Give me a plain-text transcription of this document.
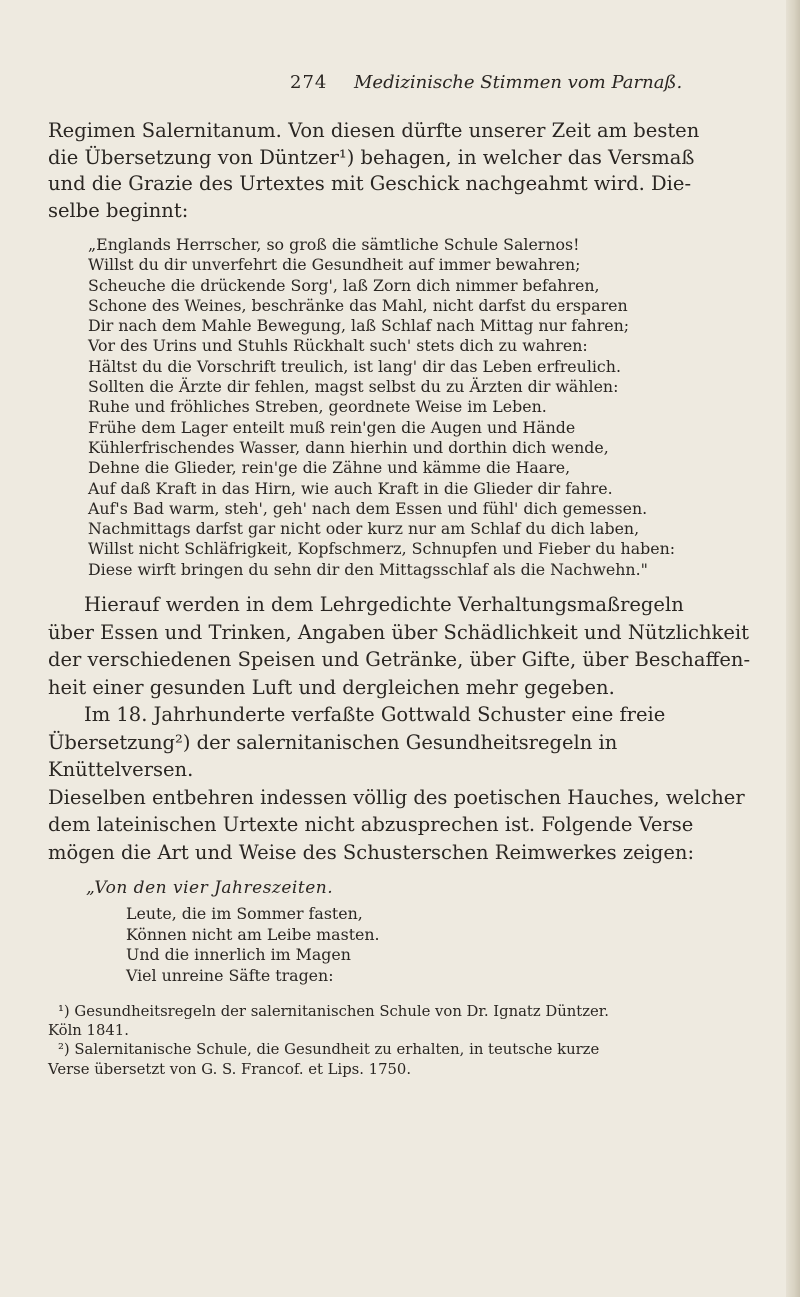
274 Medizinische Stimmen vom Parnaß.

Regimen Salernitanum. Von diesen dürfte unserer Zeit am besten

die Übersetzung von Düntzer¹) behagen, in welcher das Versmaß

und die Grazie des Urtextes mit Geschick nachgeahmt wird. Die-

selbe beginnt:

„Englands Herrscher, so groß die sämtliche Schule Salernos!
Willst du dir unverfehrt die Gesundheit auf immer bewahren;
Scheuche die drückende Sorg', laß Zorn dich nimmer befahren,
Schone des Weines, beschränke das Mahl, nicht darfst du ersparen
Dir nach dem Mahle Bewegung, laß Schlaf nach Mittag nur fahren;
Vor des Urins und Stuhls Rückhalt such' stets dich zu wahren:
Hältst du die Vorschrift treulich, ist lang' dir das Leben erfreulich.
Sollten die Ärzte dir fehlen, magst selbst du zu Ärzten dir wählen:
Ruhe und fröhliches Streben, geordnete Weise im Leben.
Frühe dem Lager enteilt muß rein'gen die Augen und Hände
Kühlerfrischendes Wasser, dann hierhin und dorthin dich wende,
Dehne die Glieder, rein'ge die Zähne und kämme die Haare,
Auf daß Kraft in das Hirn, wie auch Kraft in die Glieder dir fahre.
Auf's Bad warm, steh', geh' nach dem Essen und fühl' dich gemessen.
Nachmittags darfst gar nicht oder kurz nur am Schlaf du dich laben,
Willst nicht Schläfrigkeit, Kopfschmerz, Schnupfen und Fieber du haben:
Diese wirft bringen du sehn dir den Mittagsschlaf als die Nachwehn."

Hierauf werden in dem Lehrgedichte Verhaltungsmaßregeln

über Essen und Trinken, Angaben über Schädlichkeit und Nützlichkeit

der verschiedenen Speisen und Getränke, über Gifte, über Beschaffen-

heit einer gesunden Luft und dergleichen mehr gegeben.

Im 18. Jahrhunderte verfaßte Gottwald Schuster eine freie

Übersetzung²) der salernitanischen Gesundheitsregeln in Knüttelversen.

Dieselben entbehren indessen völlig des poetischen Hauches, welcher

dem lateinischen Urtexte nicht abzusprechen ist. Folgende Verse

mögen die Art und Weise des Schusterschen Reimwerkes zeigen:

„Von den vier Jahreszeiten.
Leute, die im Sommer fasten,
Können nicht am Leibe masten.
Und die innerlich im Magen
Viel unreine Säfte tragen:

¹) Gesundheitsregeln der salernitanischen Schule von Dr. Ignatz Düntzer.

Köln 1841.

²) Salernitanische Schule, die Gesundheit zu erhalten, in teutsche kurze

Verse übersetzt von G. S. Francof. et Lips. 1750.
